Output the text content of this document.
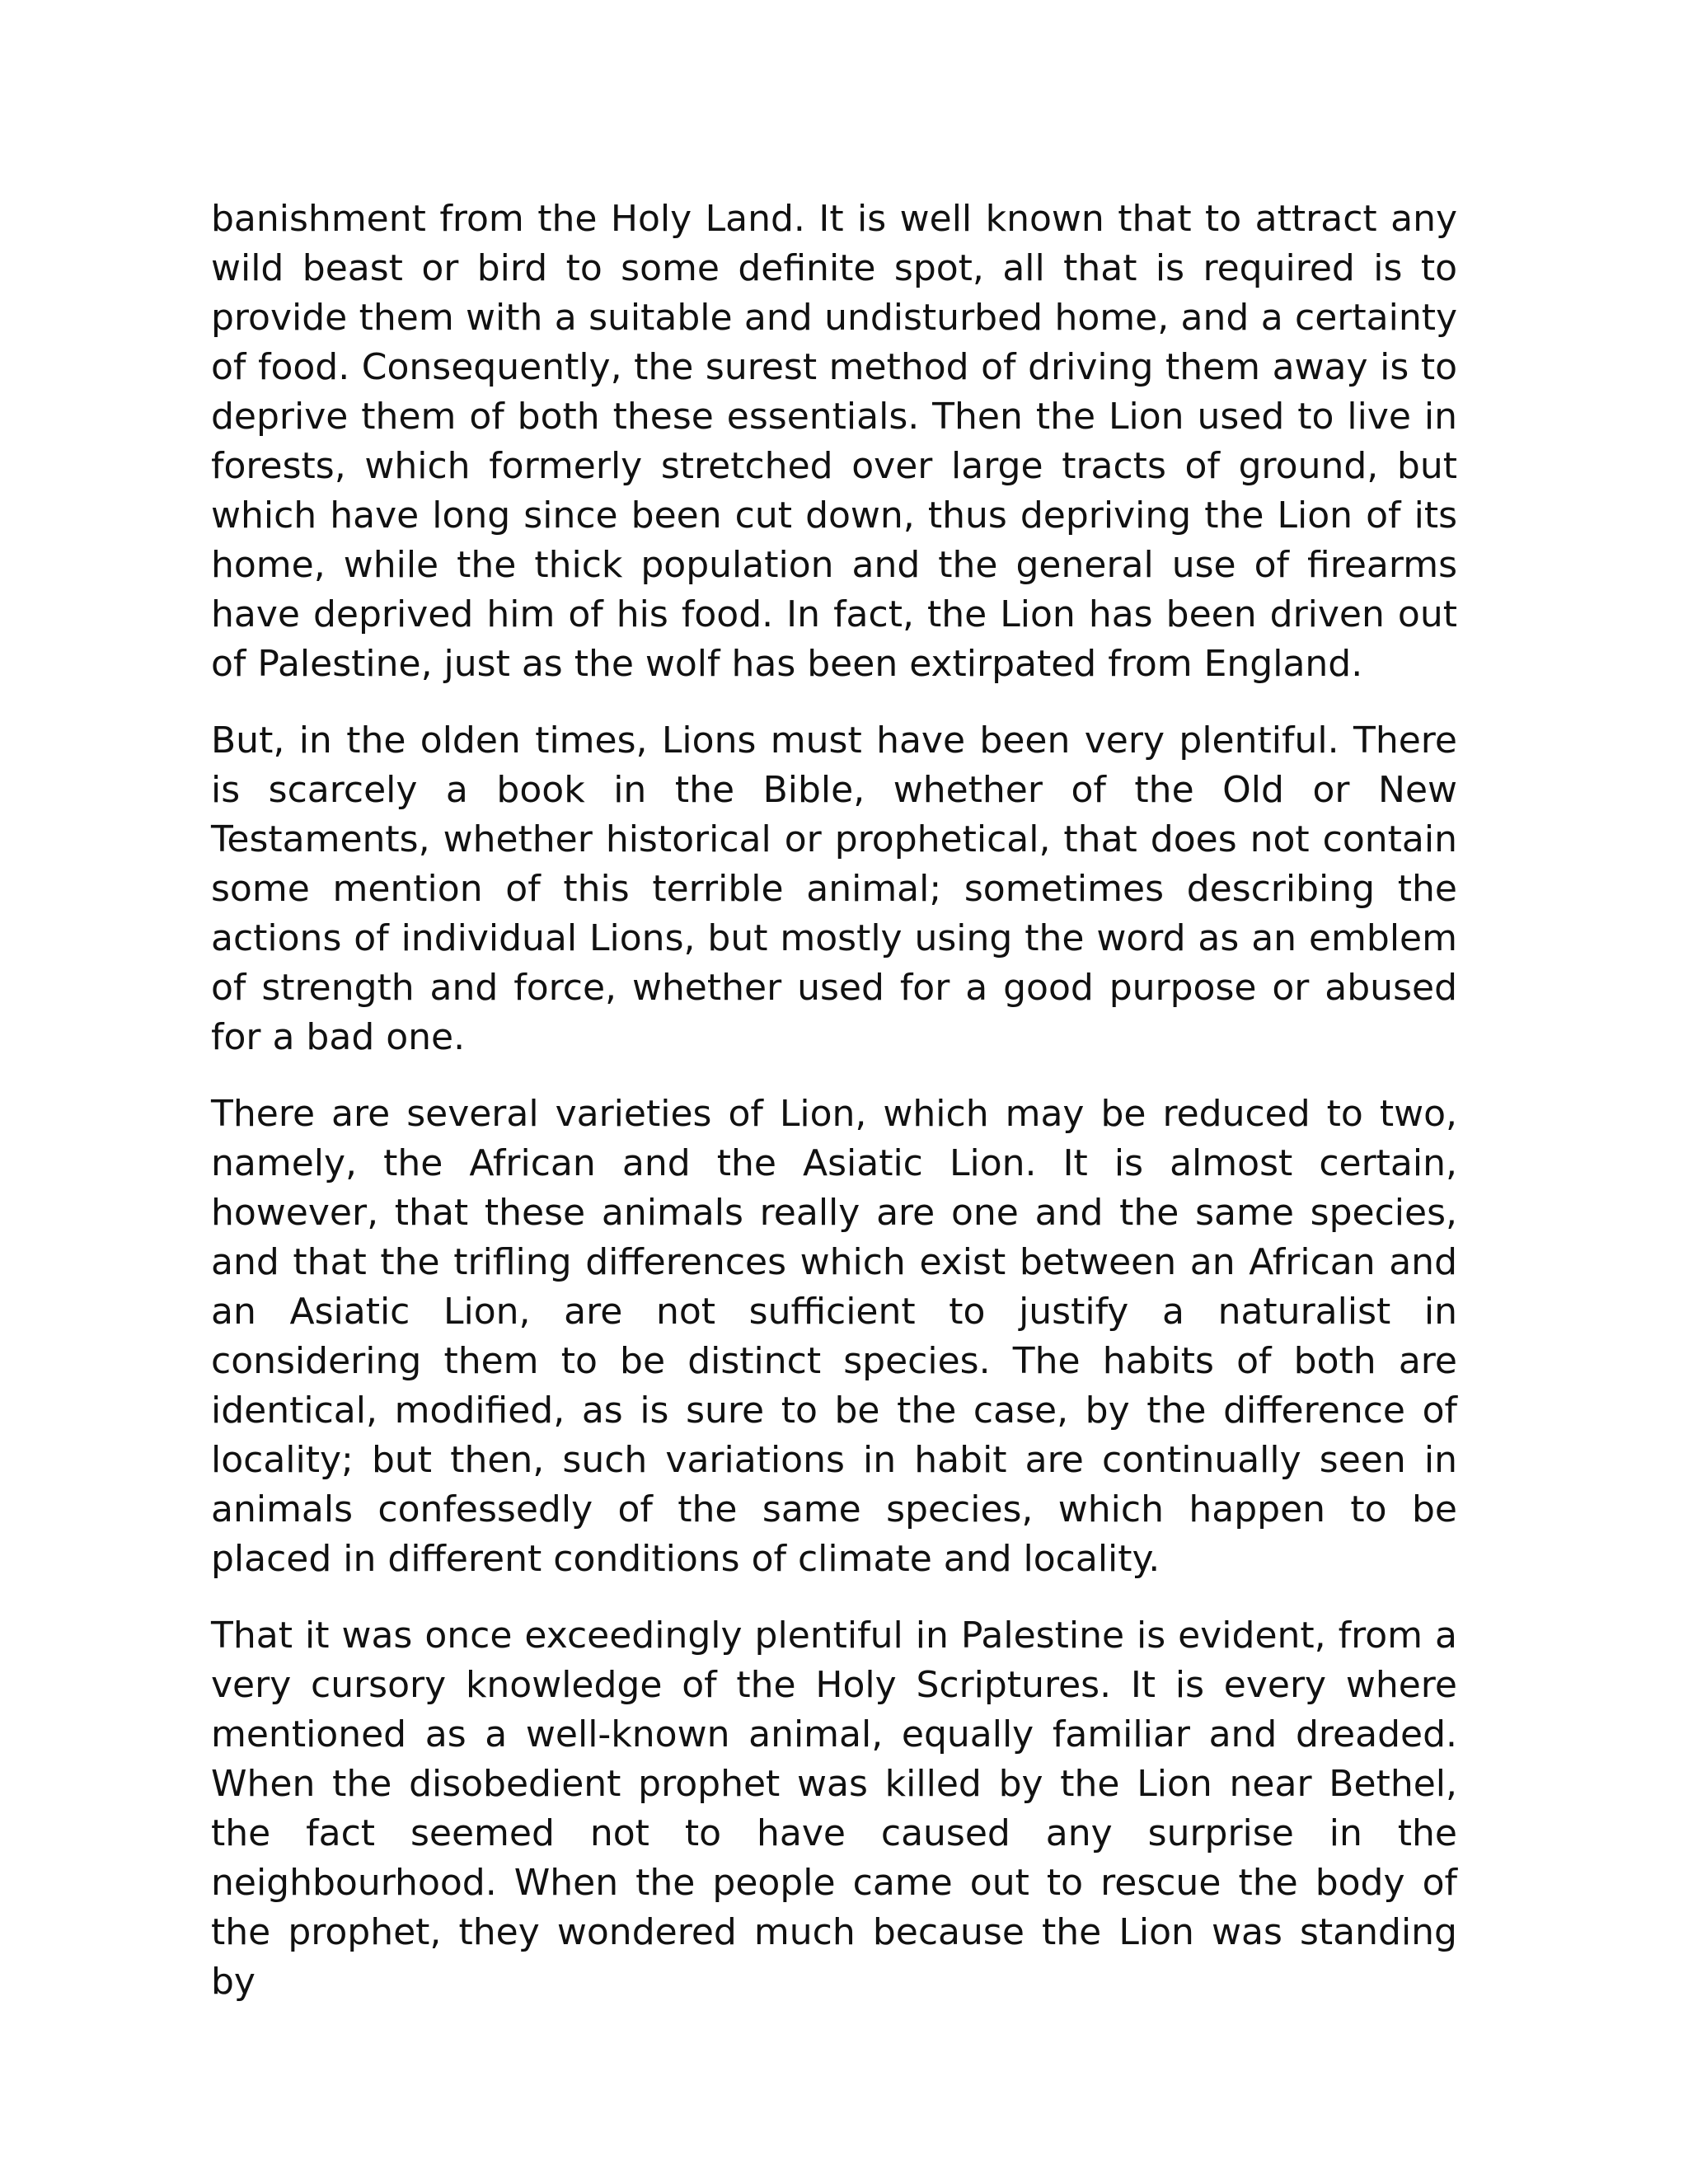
banishment from the Holy Land. It is well known that to attract any wild beast or bird to some definite spot, all that is required is to provide them with a suitable and undisturbed home, and a certainty of food. Consequently, the surest method of driving them away is to deprive them of both these essentials. Then the Lion used to live in forests, which formerly stretched over large tracts of ground, but which have long since been cut down, thus depriving the Lion of its home, while the thick population and the general use of firearms have deprived him of his food. In fact, the Lion has been driven out of Palestine, just as the wolf has been extirpated from England.

But, in the olden times, Lions must have been very plentiful. There is scarcely a book in the Bible, whether of the Old or New Testaments, whether historical or prophetical, that does not contain some mention of this terrible animal; sometimes describing the actions of individual Lions, but mostly using the word as an emblem of strength and force, whether used for a good purpose or abused for a bad one.

There are several varieties of Lion, which may be reduced to two, namely, the African and the Asiatic Lion. It is almost certain, however, that these animals really are one and the same species, and that the trifling differences which exist between an African and an Asiatic Lion, are not sufficient to justify a naturalist in considering them to be distinct species. The habits of both are identical, modified, as is sure to be the case, by the difference of locality; but then, such variations in habit are continually seen in animals confessedly of the same species, which happen to be placed in different conditions of climate and locality.

That it was once exceedingly plentiful in Palestine is evident, from a very cursory knowledge of the Holy Scriptures. It is every where mentioned as a well-known animal, equally familiar and dreaded. When the disobedient prophet was killed by the Lion near Bethel, the fact seemed not to have caused any surprise in the neighbourhood. When the people came out to rescue the body of the prophet, they wondered much because the Lion was standing by
